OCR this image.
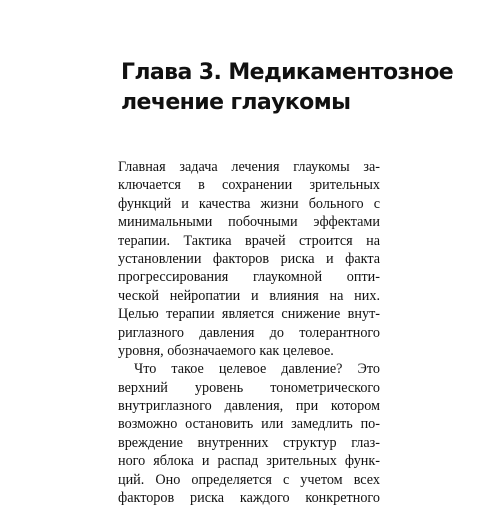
Глава 3. Медикаментозное
лечение глаукомы
Главная задача лечения глаукомы за-
ключается в сохранении зрительных
функций и качества жизни больного с
минимальными побочными эффектами
терапии. Тактика врачей строится на
установлении факторов риска и факта
прогрессирования глаукомной опти-
ческой нейропатии и влияния на них.
Целью терапии является снижение внут-
риглазного давления до толерантного
уровня, обозначаемого как целевое.
Что такое целевое давление? Это
верхний уровень тонометрического
внутриглазного давления, при котором
возможно остановить или замедлить по-
вреждение внутренних структур глаз-
ного яблока и распад зрительных функ-
ций. Оно определяется с учетом всех
факторов риска каждого конкретного
